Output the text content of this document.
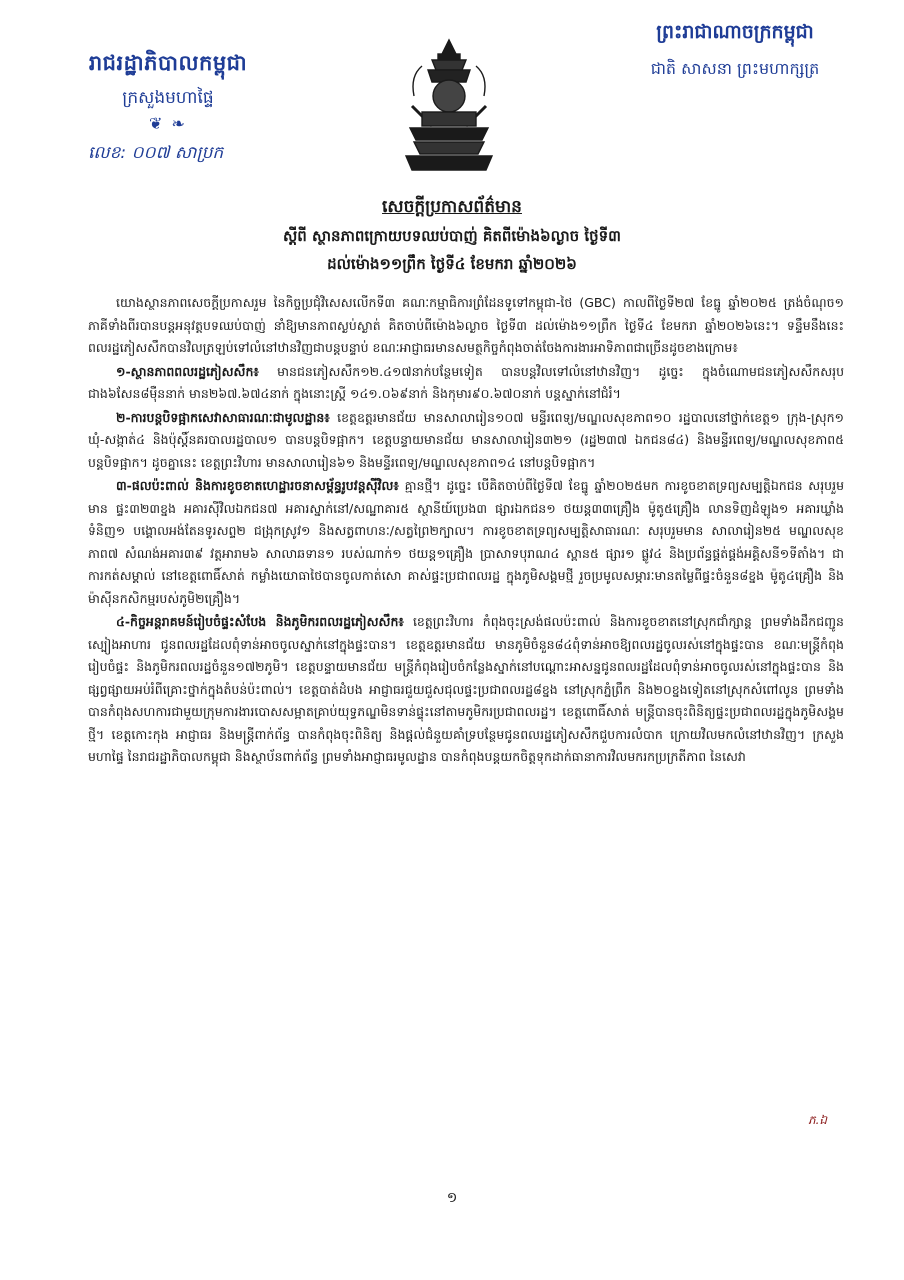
រាជរដ្ឋាភិបាលកម្ពុជា
ក្រសួងមហាផ្ទៃ
❦ ❧
លេខ: ០០៧ សាប្រក
ព្រះរាជាណាចក្រកម្ពុជា
ជាតិ សាសនា ព្រះមហាក្សត្រ
សេចក្តីប្រកាសព័ត៌មាន
ស្តីពី ស្ថានភាពក្រោយបទឈប់បាញ់ គិតពីម៉ោង៦ល្ងាច ថ្ងៃទី៣
ដល់ម៉ោង១១ព្រឹក ថ្ងៃទី៤ ខែមករា ឆ្នាំ២០២៦

យោងស្ថានភាពសេចក្តីប្រកាសរួម នៃកិច្ចប្រជុំវិសេសលើកទី៣ គណៈកម្មាធិការព្រំដែនទូទៅកម្ពុជា-ថៃ (GBC) កាលពីថ្ងៃទី២៧ ខែធ្នូ ឆ្នាំ២០២៥ ត្រង់ចំណុច១ ភាគីទាំងពីរបានបន្តអនុវត្តបទឈប់បាញ់ នាំឱ្យមានភាពស្ងប់ស្ងាត់ គិតចាប់ពីម៉ោង៦ល្ងាច ថ្ងៃទី៣ ដល់ម៉ោង១១ព្រឹក ថ្ងៃទី៤ ខែមករា ឆ្នាំ២០២៦នេះ។ ទន្ទឹមនឹងនេះ ពលរដ្ឋភៀសសឹកបានវិលត្រឡប់ទៅលំនៅឋានវិញជាបន្តបន្ទាប់ ខណៈអាជ្ញាធរមានសមត្ថកិច្ចកំពុងចាត់ចែងការងារអាទិភាពជាច្រើនដូចខាងក្រោម៖

១-ស្ថានភាពពលរដ្ឋភៀសសឹក៖ មានជនភៀសសឹក១២.៤១៧នាក់បន្ថែមទៀត បានបន្តវិលទៅលំនៅឋានវិញ។ ដូច្នេះ ក្នុងចំណោមជនភៀសសឹកសរុបជាង៦សែន៨ម៉ឺននាក់ មាន២៦៧.៦៧៤នាក់ ក្នុងនោះស្ត្រី ១៤១.០៦៩នាក់ និងកុមារ៩០.៦៧០នាក់ បន្តស្នាក់នៅជំរំ។

២-ការបន្តបិទផ្អាកសេវាសាធារណៈជាមូលដ្ឋាន៖ ខេត្តឧត្តរមានជ័យ មានសាលារៀន១០៧ មន្ទីរពេទ្យ/មណ្ឌលសុខភាព១០ រដ្ឋបាលនៅថ្នាក់ខេត្ត១ ក្រុង-ស្រុក១ ឃុំ-សង្កាត់៤ និងប៉ុស្តិ៍នគរបាលរដ្ឋបាល១ បានបន្តបិទផ្អាក។ ខេត្តបន្ទាយមានជ័យ មានសាលារៀន៣២១ (រដ្ឋ២៣៧ ឯកជន៨៤) និងមន្ទីរពេទ្យ/មណ្ឌលសុខភាព៥ បន្តបិទផ្អាក។ ដូចគ្នានេះ ខេត្តព្រះវិហារ មានសាលារៀន៦១ និងមន្ទីរពេទ្យ/មណ្ឌលសុខភាព១៤ នៅបន្តបិទផ្អាក។

៣-ផលប៉ះពាល់ និងការខូចខាតហេដ្ឋារចនាសម្ព័ន្ធរូបវន្តស៊ីវិល៖ គ្មានថ្មី។ ដូច្នេះ បើគិតចាប់ពីថ្ងៃទី៧ ខែធ្នូ ឆ្នាំ២០២៥មក ការខូចខាតទ្រព្យសម្បត្តិឯកជន សរុបរួមមាន ផ្ទះ៣២៣ខ្នង អគារស៊ីវិលឯកជន៧ អគារស្នាក់នៅ/សណ្ឋាគារ៥ ស្ថានីយ៍ប្រេង៣ ផ្សារឯកជន១ ថយន្ត៣៣គ្រឿង ម៉ូតូ៥គ្រឿង លានទិញដំឡូង១ អគារឃ្លាំងទំនិញ១ បង្គោលអង់តែនទូរសព្ទ២ ជង្រុកស្រូវ១ និងសត្វពាហនៈ/សត្វព្រៃ២ក្បាល។ ការខូចខាតទ្រព្យសម្បត្តិសាធារណៈ សរុបរួមមាន សាលារៀន២៥ មណ្ឌលសុខភាព៧ សំណង់អគារ៣៩ វត្តអារាម៦ សាលាឆទាន១ របស់ណាក់១ ថយន្ត១គ្រឿង ប្រាសាទបុរាណ៤ ស្ពាន៥ ផ្សារ១ ផ្លូវ៤ និងប្រព័ន្ធផ្គត់ផ្គង់អគ្គិសនី១ទីតាំង។ ជាការកត់សម្គាល់ នៅខេត្តពោធិ៍សាត់ កម្លាំងយោធាថៃបានចូលកាត់សោ គាស់ផ្ទះប្រជាពលរដ្ឋ ក្នុងភូមិសង្គមថ្មី រួចប្រមូលសម្ភារៈមានតម្លៃពីផ្ទះចំនួន៨ខ្នង ម៉ូតូ៤គ្រឿង និងម៉ាស៊ីនកសិកម្មរបស់ភូមិ២គ្រឿង។

៤-កិច្ចអន្តរាគមន៍រៀបចំផ្ទះសំបែង និងភូមិករពលរដ្ឋភៀសសឹក៖ ខេត្តព្រះវិហារ កំពុងចុះស្រង់ផលប៉ះពាល់ និងការខូចខាតនៅស្រុកជាំក្សាន្ត ព្រមទាំងដឹកជញ្ជូនស្បៀងអាហារ ជូនពលរដ្ឋដែលពុំទាន់អាចចូលស្នាក់នៅក្នុងផ្ទះបាន។ ខេត្តឧត្តរមានជ័យ មានភូមិចំនួន៨៤ពុំទាន់អាចឱ្យពលរដ្ឋចូលរស់នៅក្នុងផ្ទះបាន ខណៈមន្ត្រីកំពុងរៀបចំផ្ទះ និងភូមិករពលរដ្ឋចំនួន១៧២ភូមិ។ ខេត្តបន្ទាយមានជ័យ មន្ត្រីកំពុងរៀបចំកន្លែងស្នាក់នៅបណ្តោះអាសន្នជូនពលរដ្ឋដែលពុំទាន់អាចចូលរស់នៅក្នុងផ្ទះបាន និងផ្សព្វផ្សាយអប់រំពីគ្រោះថ្នាក់ក្នុងតំបន់ប៉ះពាល់។ ខេត្តបាត់ដំបង អាជ្ញាធរជួយជួសជុលផ្ទះប្រជាពលរដ្ឋ៨ខ្នង នៅស្រុកភ្នំព្រឹក និង២០ខ្នងទៀតនៅស្រុកសំពៅលូន ព្រមទាំងបានកំពុងសហការជាមួយក្រុមការងារបោសសម្អាតគ្រាប់យុទ្ធភណ្ឌមិនទាន់ផ្ទុះនៅតាមភូមិករប្រជាពលរដ្ឋ។ ខេត្តពោធិ៍សាត់ មន្ត្រីបានចុះពិនិត្យផ្ទះប្រជាពលរដ្ឋក្នុងភូមិសង្គមថ្មី។ ខេត្តកោះកុង អាជ្ញាធរ និងមន្ត្រីពាក់ព័ន្ធ បានកំពុងចុះពិនិត្យ និងផ្តល់ជំនួយគាំទ្របន្ថែមជូនពលរដ្ឋភៀសសឹកជួបការលំបាក ក្រោយវិលមកលំនៅឋានវិញ។ ក្រសួងមហាផ្ទៃ នៃរាជរដ្ឋាភិបាលកម្ពុជា និងស្ថាប័នពាក់ព័ន្ធ ព្រមទាំងអាជ្ញាធរមូលដ្ឋាន បានកំពុងបន្តយកចិត្តទុកដាក់ធានាការវិលមករកប្រក្រតីភាព នៃសេវា

ភ.ឯ
១
